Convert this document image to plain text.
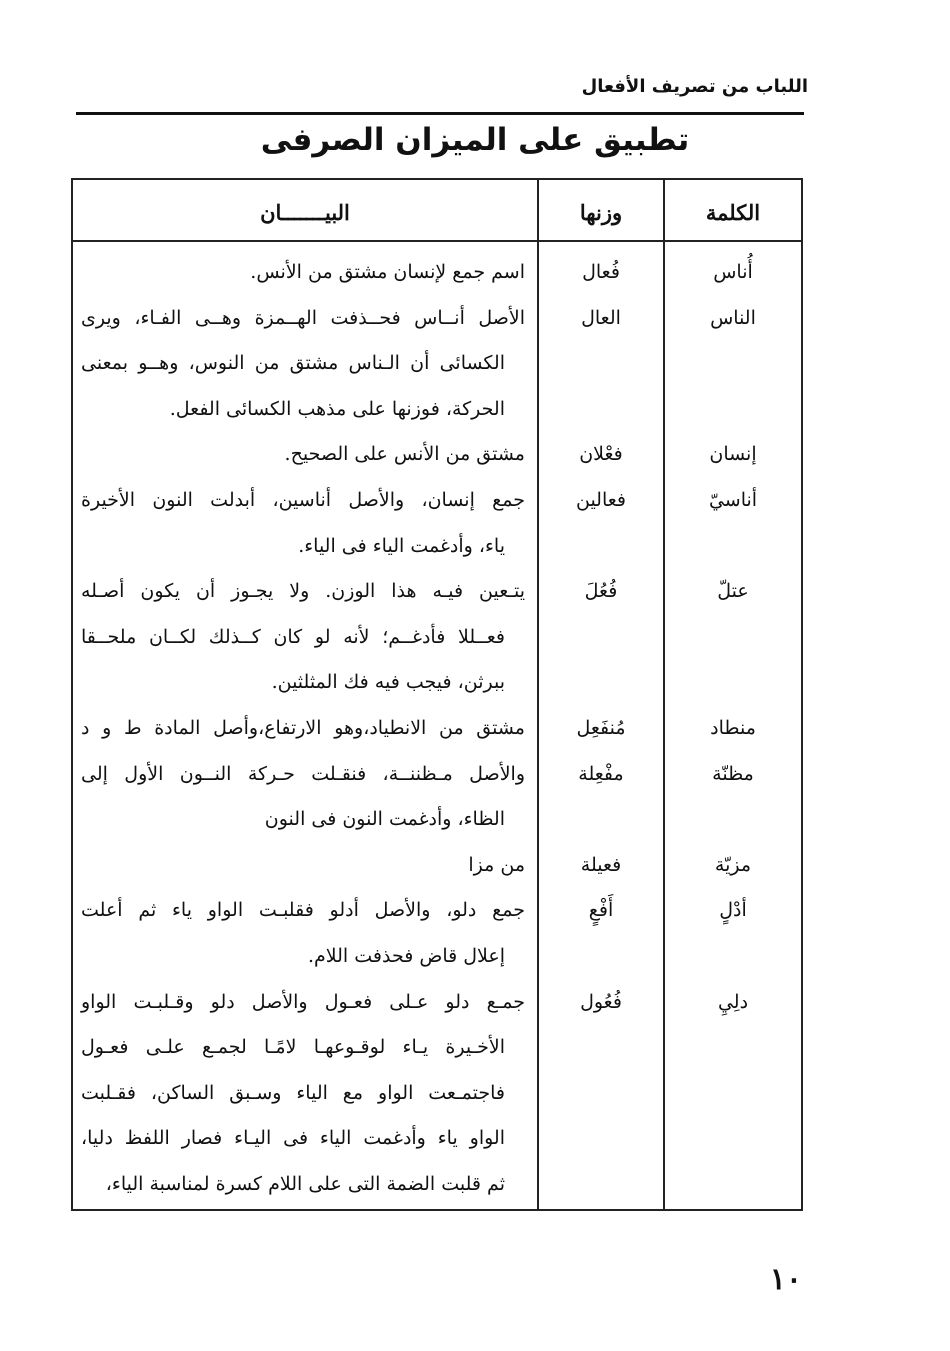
اللباب من تصريف الأفعال
تطبيق على الميزان الصرفى
الكلمة
وزنها
البيـــــــان
أُناس
فُعال
اسم جمع لإنسان مشتق من الأنس.
الناس
العال
الأصل أنــاس فحــذفت الهــمزة وهــى الفـاء، ويرى
الكسائى أن الـناس مشتق من النوس، وهــو بمعنى
الحركة، فوزنها على مذهب الكسائى الفعل.
إنسان
فعْلان
مشتق من الأنس على الصحيح.
أناسيّ
فعالين
جمع إنسان، والأصل أناسين، أبدلت النون الأخيرة
ياء، وأدغمت الياء فى الياء.
عتلّ
فُعُلَ
يتـعين فيـه هذا الوزن. ولا يجـوز أن يكون أصـله
فعــللا فأدغــم؛ لأنه لو كان كــذلك لكــان ملحــقا
ببرثن، فيجب فيه فك المثلثين.
منطاد
مُنفَعِل
مشتق من الانطياد،وهو الارتفاع،وأصل المادة ط و د
مظنّة
مفْعِلة
والأصل مـظننــة، فنقـلت حـركة النــون الأول إلى
الظاء، وأدغمت النون فى النون
مزيّة
فعيلة
من مزا
أدْلٍ
أَفْعٍ
جمع دلو، والأصل أدلو فقلبـت الواو ياء ثم أعلت
إعلال قاض فحذفت اللام.
دلِيِ
فُعُول
جمـع دلو عـلى فعـول والأصل دلو وقـلبـت الواو
الأخـيرة يـاء لوقـوعهـا لامًـا لجمـع علـى فعـول
فاجتمـعت الواو مع الياء وسـبق الساكن، فقـلبت
الواو ياء وأدغمت الياء فى اليـاء فصار اللفظ دليا،
ثم قلبت الضمة التى على اللام كسرة لمناسبة الياء،
١٠
